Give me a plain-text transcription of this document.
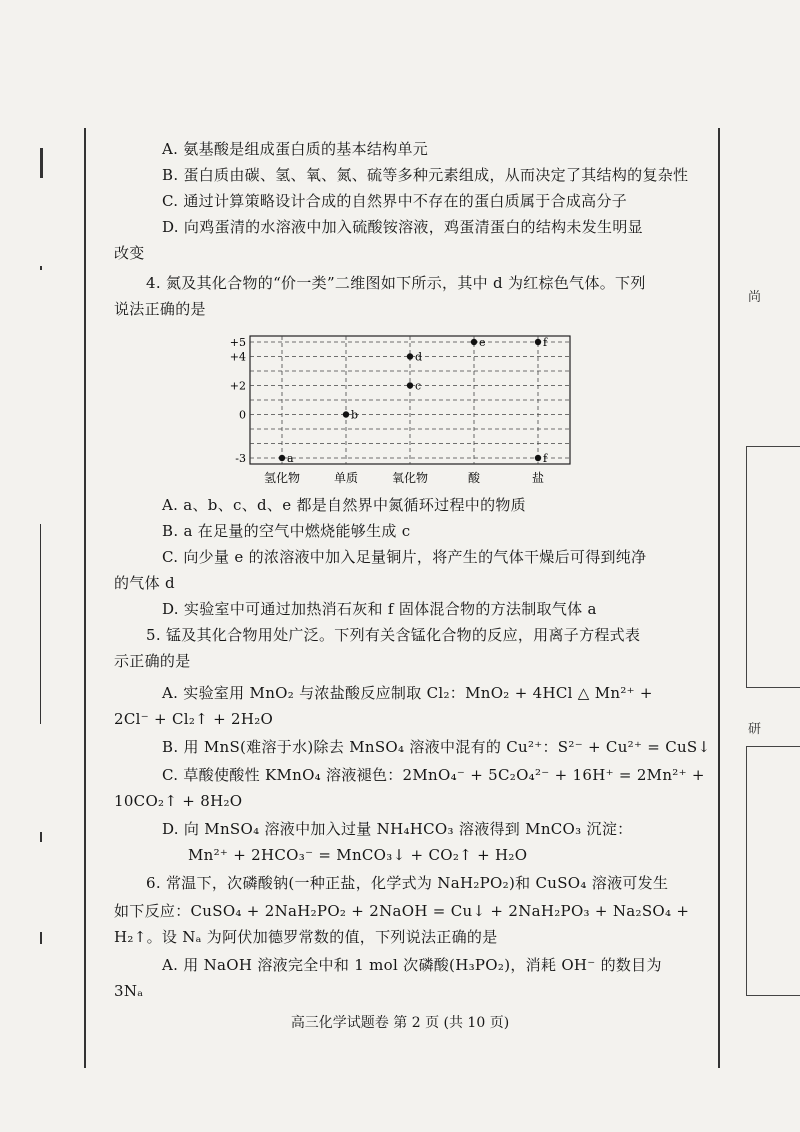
尚
研
A. 氨基酸是组成蛋白质的基本结构单元
B. 蛋白质由碳、氢、氧、氮、硫等多种元素组成，从而决定了其结构的复杂性
C. 通过计算策略设计合成的自然界中不存在的蛋白质属于合成高分子
D. 向鸡蛋清的水溶液中加入硫酸铵溶液，鸡蛋清蛋白的结构未发生明显
改变
4. 氮及其化合物的“价一类”二维图如下所示，其中 d 为红棕色气体。下列
说法正确的是
氢化物	单质	氧化物	酸	盐
+5
+4
+2
0
-3	a
b
c
d
e	f
f
A. a、b、c、d、e 都是自然界中氮循环过程中的物质
B. a 在足量的空气中燃烧能够生成 c
C. 向少量 e 的浓溶液中加入足量铜片，将产生的气体干燥后可得到纯净
的气体 d
D. 实验室中可通过加热消石灰和 f 固体混合物的方法制取气体 a
5. 锰及其化合物用处广泛。下列有关含锰化合物的反应，用离子方程式表
示正确的是
A. 实验室用 MnO₂ 与浓盐酸反应制取 Cl₂：MnO₂ + 4HCl △ Mn²⁺ +
2Cl⁻ + Cl₂↑ + 2H₂O
B. 用 MnS(难溶于水)除去 MnSO₄ 溶液中混有的 Cu²⁺：S²⁻ + Cu²⁺ = CuS↓
C. 草酸使酸性 KMnO₄ 溶液褪色：2MnO₄⁻ + 5C₂O₄²⁻ + 16H⁺ = 2Mn²⁺ +
10CO₂↑ + 8H₂O
D. 向 MnSO₄ 溶液中加入过量 NH₄HCO₃ 溶液得到 MnCO₃ 沉淀：
Mn²⁺ + 2HCO₃⁻ = MnCO₃↓ + CO₂↑ + H₂O
6. 常温下，次磷酸钠(一种正盐，化学式为 NaH₂PO₂)和 CuSO₄ 溶液可发生
如下反应：CuSO₄ + 2NaH₂PO₂ + 2NaOH = Cu↓ + 2NaH₂PO₃ + Na₂SO₄ +
H₂↑。设 Nₐ 为阿伏加德罗常数的值，下列说法正确的是
A. 用 NaOH 溶液完全中和 1 mol 次磷酸(H₃PO₂)，消耗 OH⁻ 的数目为
3Nₐ
高三化学试题卷 第 2 页 (共 10 页)
